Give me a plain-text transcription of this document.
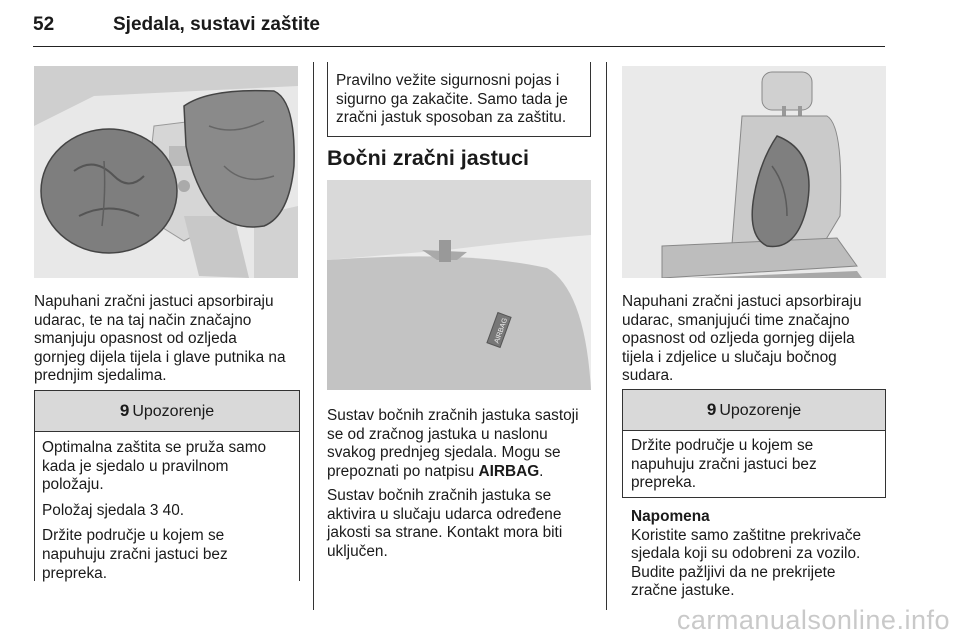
52	Sjedala, sustavi zaštite
Napuhani zračni jastuci apsorbiraju
udarac, te na taj način značajno
smanjuju opasnost od ozljeda
gornjeg dijela tijela i glave putnika na
prednjim sjedalima.
9 Upozorenje
Optimalna zaštita se pruža samo
kada je sjedalo u pravilnom
položaju.
Položaj sjedala 3 40.
Držite područje u kojem se
napuhuju zračni jastuci bez
prepreka.
Pravilno vežite sigurnosni pojas i
sigurno ga zakačite. Samo tada je
zračni jastuk sposoban za zaštitu.
Bočni zračni jastuci
AIRBAG
Sustav bočnih zračnih jastuka sastoji
se od zračnog jastuka u naslonu
svakog prednjeg sjedala. Mogu se
prepoznati po natpisu AIRBAG.
Sustav bočnih zračnih jastuka se
aktivira u slučaju udarca određene
jakosti sa strane. Kontakt mora biti
uključen.
Napuhani zračni jastuci apsorbiraju
udarac, smanjujući time značajno
opasnost od ozljeda gornjeg dijela
tijela i zdjelice u slučaju bočnog
sudara.
9 Upozorenje
Držite područje u kojem se
napuhuju zračni jastuci bez
prepreka.
Napomena
Koristite samo zaštitne prekrivače
sjedala koji su odobreni za vozilo.
Budite pažljivi da ne prekrijete
zračne jastuke.
carmanualsonline.info
